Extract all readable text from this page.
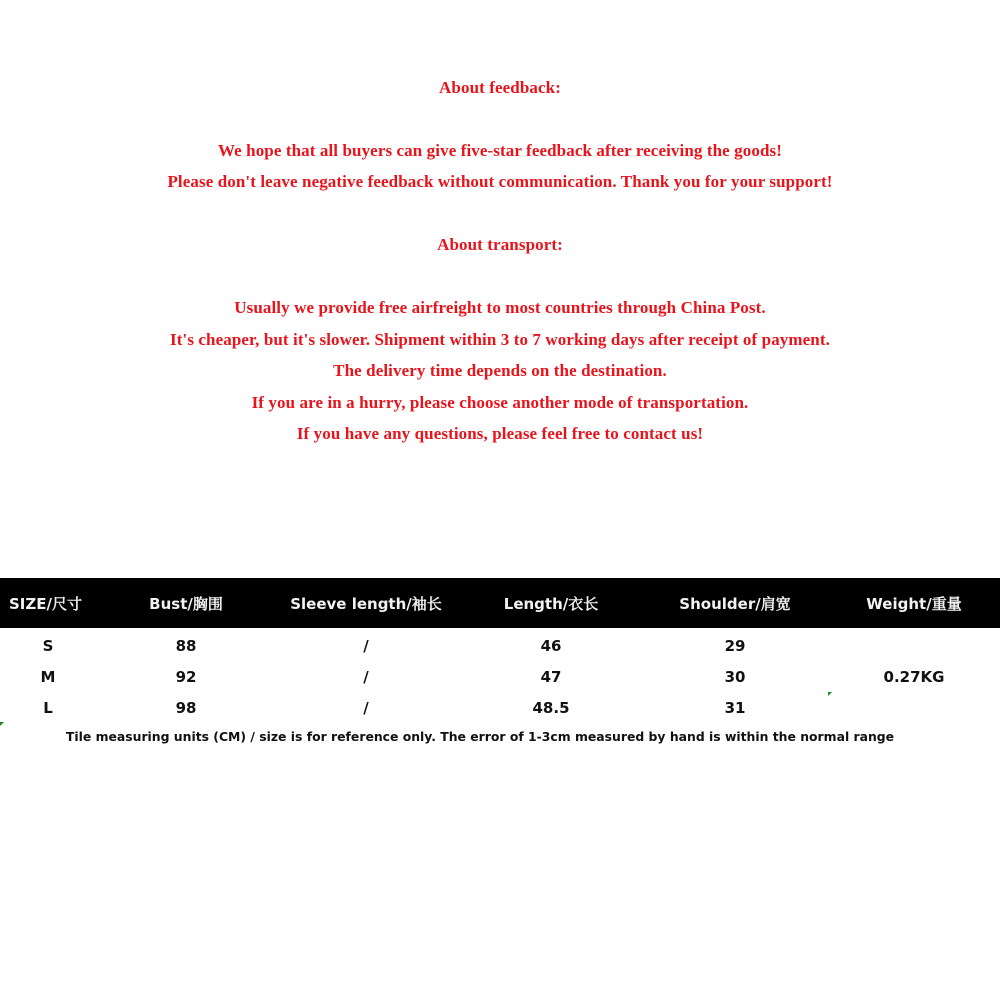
About feedback:
We hope that all buyers can give five-star feedback after receiving the goods!
Please don't leave negative feedback without communication. Thank you for your support!
About transport:
Usually we provide free airfreight to most countries through China Post.
It's cheaper, but it's slower. Shipment within 3 to 7 working days after receipt of payment.
The delivery time depends on the destination.
If you are in a hurry, please choose another mode of transportation.
If you have any questions, please feel free to contact us!
SIZE/尺寸	Bust/胸围	Sleeve length/袖长	Length/衣长	Shoulder/肩宽	Weight/重量
S	88	/	46	29
M	92	/	47	30	0.27KG
L	98	/	48.5	31
Tile measuring units (CM) / size is for reference only. The error of 1-3cm measured by hand is within the normal range
